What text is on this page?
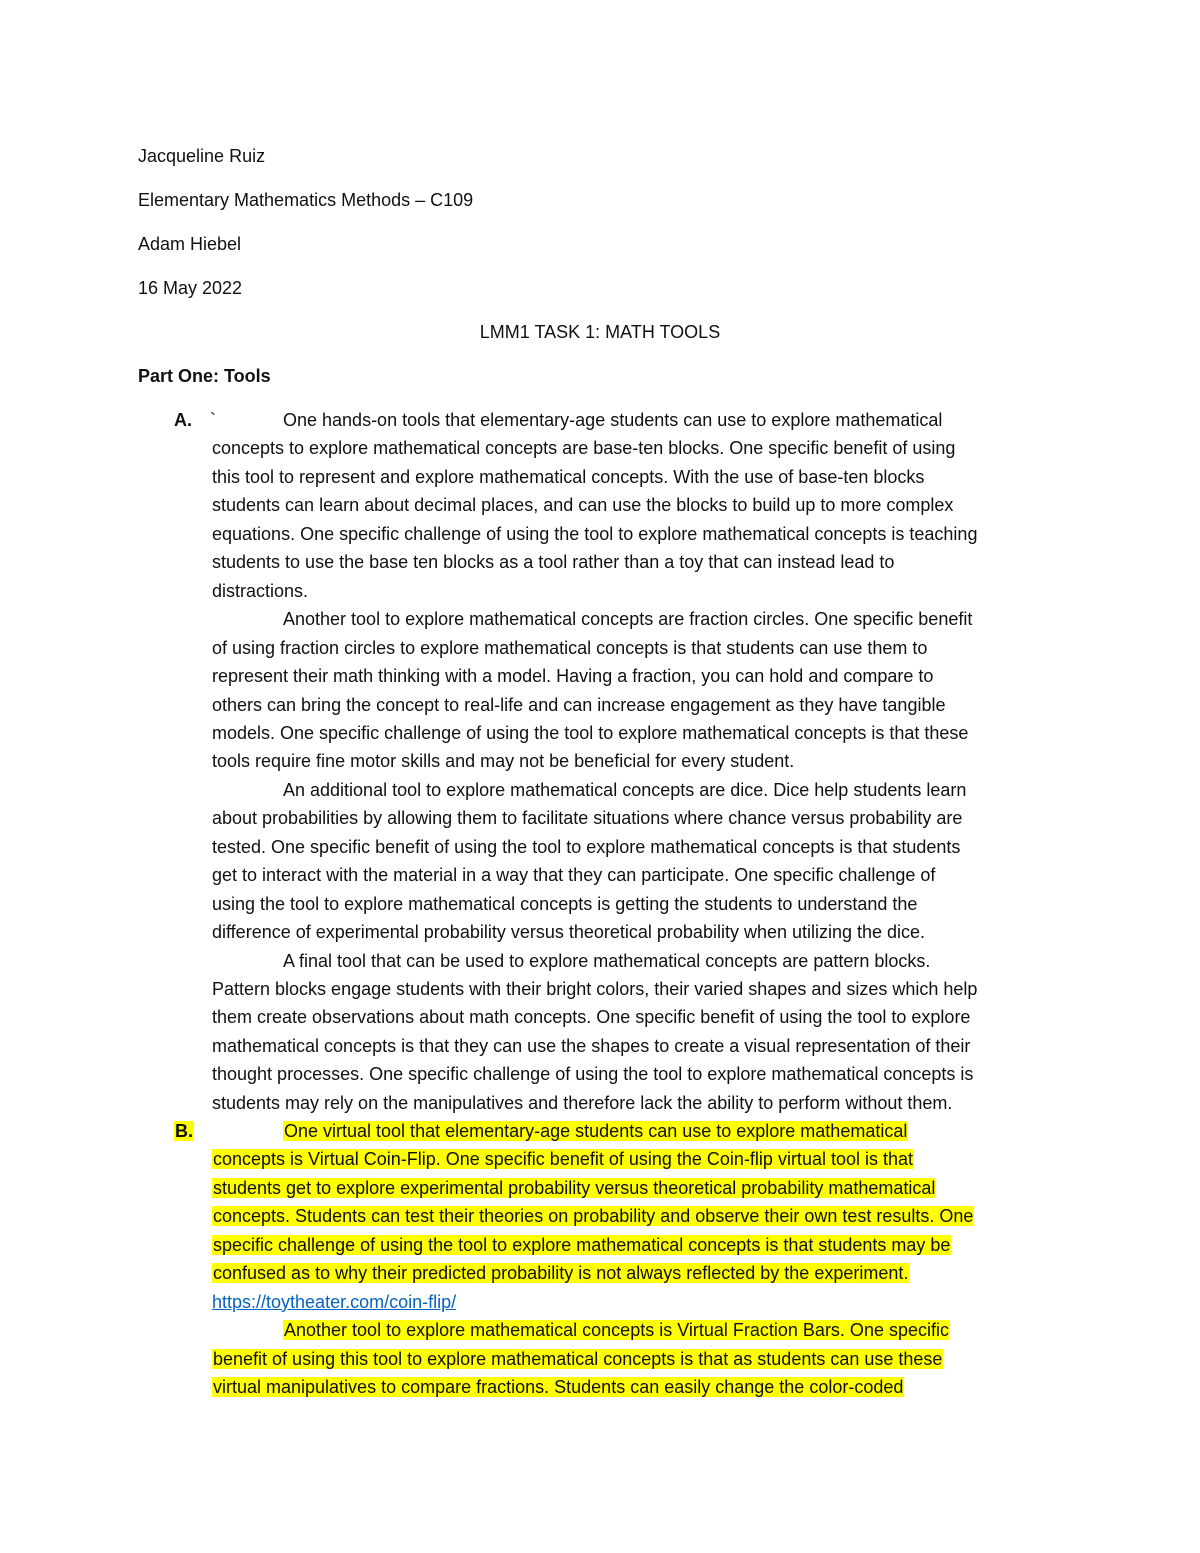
Jacqueline Ruiz
Elementary Mathematics Methods – C109
Adam Hiebel
16 May 2022
LMM1 TASK 1: MATH TOOLS
Part One: Tools
A. `	One hands-on tools that elementary-age students can use to explore mathematical
concepts to explore mathematical concepts are base-ten blocks. One specific benefit of using
this tool to represent and explore mathematical concepts. With the use of base-ten blocks
students can learn about decimal places, and can use the blocks to build up to more complex
equations. One specific challenge of using the tool to explore mathematical concepts is teaching
students to use the base ten blocks as a tool rather than a toy that can instead lead to
distractions.
Another tool to explore mathematical concepts are fraction circles. One specific benefit
of using fraction circles to explore mathematical concepts is that students can use them to
represent their math thinking with a model. Having a fraction, you can hold and compare to
others can bring the concept to real-life and can increase engagement as they have tangible
models. One specific challenge of using the tool to explore mathematical concepts is that these
tools require fine motor skills and may not be beneficial for every student.
An additional tool to explore mathematical concepts are dice. Dice help students learn
about probabilities by allowing them to facilitate situations where chance versus probability are
tested. One specific benefit of using the tool to explore mathematical concepts is that students
get to interact with the material in a way that they can participate. One specific challenge of
using the tool to explore mathematical concepts is getting the students to understand the
difference of experimental probability versus theoretical probability when utilizing the dice.
A final tool that can be used to explore mathematical concepts are pattern blocks.
Pattern blocks engage students with their bright colors, their varied shapes and sizes which help
them create observations about math concepts. One specific benefit of using the tool to explore
mathematical concepts is that they can use the shapes to create a visual representation of their
thought processes. One specific challenge of using the tool to explore mathematical concepts is
students may rely on the manipulatives and therefore lack the ability to perform without them.
B.	One virtual tool that elementary-age students can use to explore mathematical
concepts is Virtual Coin-Flip. One specific benefit of using the Coin-flip virtual tool is that
students get to explore experimental probability versus theoretical probability mathematical
concepts. Students can test their theories on probability and observe their own test results. One
specific challenge of using the tool to explore mathematical concepts is that students may be
confused as to why their predicted probability is not always reflected by the experiment.
https://toytheater.com/coin-flip/
Another tool to explore mathematical concepts is Virtual Fraction Bars. One specific
benefit of using this tool to explore mathematical concepts is that as students can use these
virtual manipulatives to compare fractions. Students can easily change the color-coded
